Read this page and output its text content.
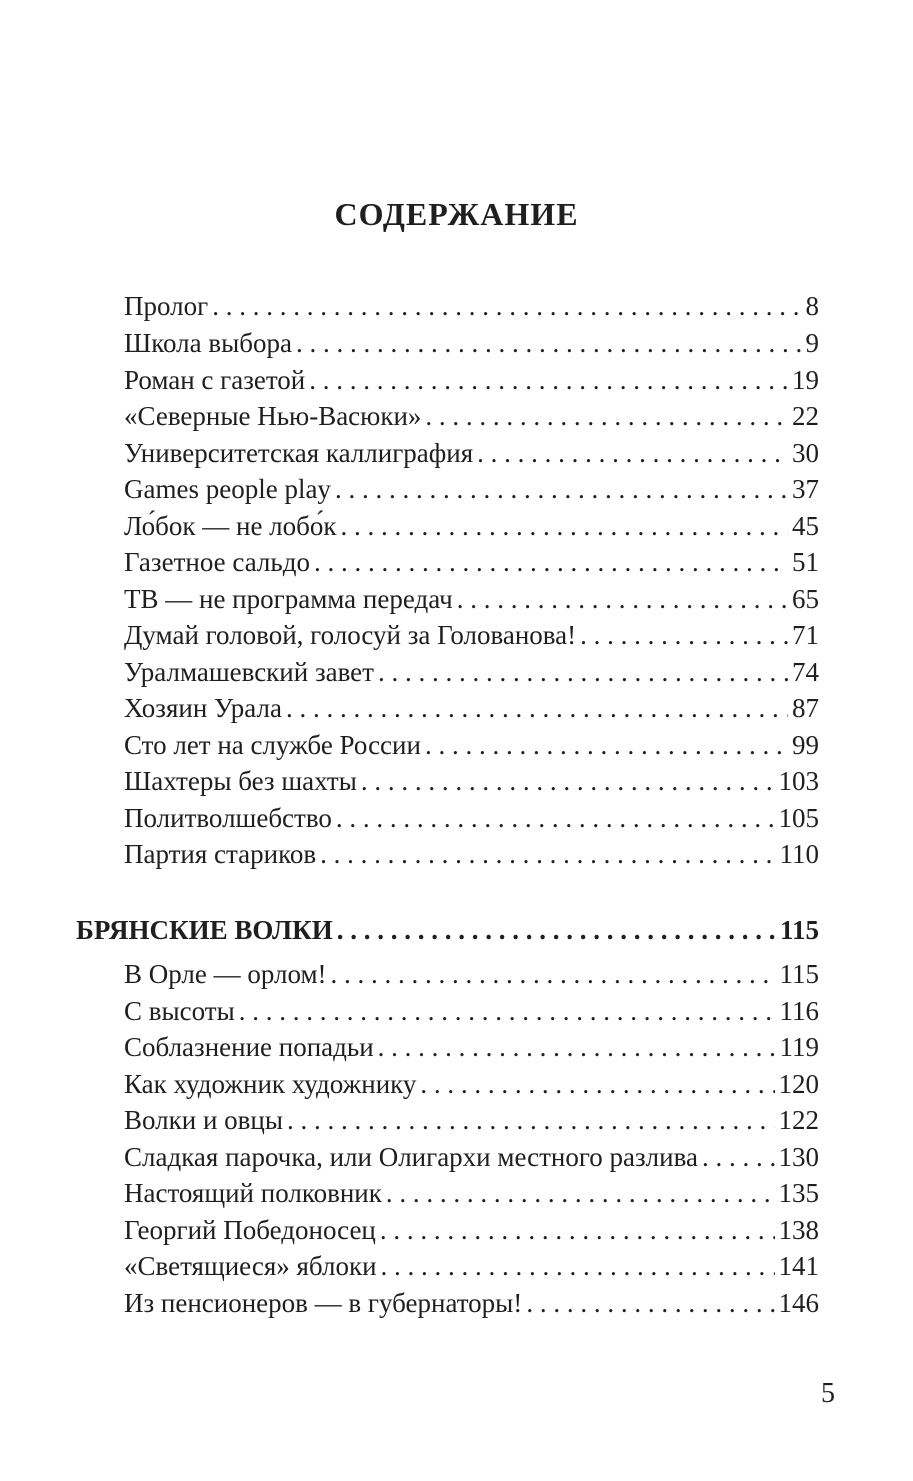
СОДЕРЖАНИЕ
Пролог . . .	8
Школа выбора . . .	9
Роман с газетой . . .	19
«Северные Нью-Васюки» . . .	22
Университетская каллиграфия . . .	30
Games people play . . .	37
Ло́бок — не лобо́к . . .	45
Газетное сальдо . . .	51
ТВ — не программа передач . . .	65
Думай головой, голосуй за Голованова! . . .	71
Уралмашевский завет . . .	74
Хозяин Урала . . .	87
Сто лет на службе России . . .	99
Шахтеры без шахты . . .	103
Политволшебство . . .	105
Партия стариков . . .	110
БРЯНСКИЕ ВОЛКИ . . .	115
В Орле — орлом! . . .	115
С высоты . . .	116
Соблазнение попадьи . . .	119
Как художник художнику . . .	120
Волки и овцы . . .	122
Сладкая парочка, или Олигархи местного разлива . . .	130
Настоящий полковник . . .	135
Георгий Победоносец . . .	138
«Светящиеся» яблоки . . .	141
Из пенсионеров — в губернаторы! . . .	146
5
